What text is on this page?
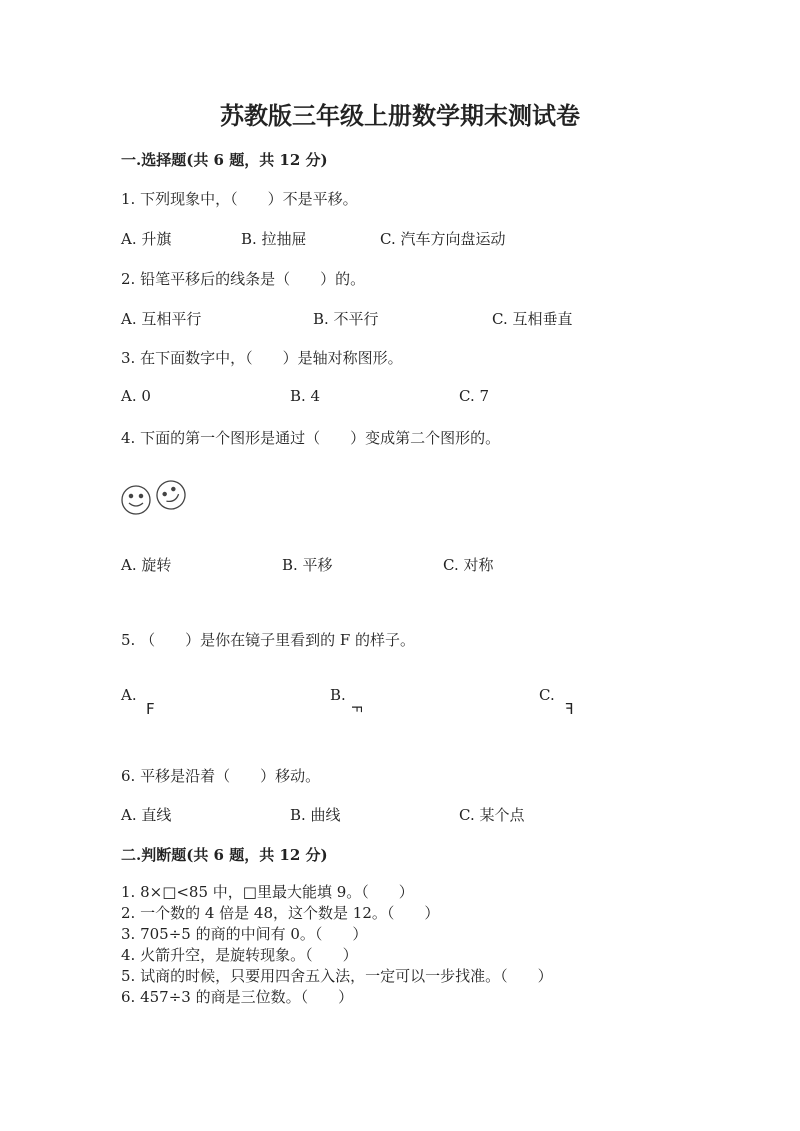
苏教版三年级上册数学期末测试卷
一.选择题(共 6 题，共 12 分)
1. 下列现象中，（　　）不是平移。
A. 升旗	B. 拉抽屉	C. 汽车方向盘运动
2. 铅笔平移后的线条是（　　）的。
A. 互相平行	B. 不平行	C. 互相垂直
3. 在下面数字中，（　　）是轴对称图形。
A. 0	B. 4	C. 7
4. 下面的第一个图形是通过（　　）变成第二个图形的。
A. 旋转	B. 平移	C. 对称
5. （　　）是你在镜子里看到的 F 的样子。
A.
F
B.
F
C.
F
6. 平移是沿着（　　）移动。
A. 直线	B. 曲线	C. 某个点
二.判断题(共 6 题，共 12 分)
1. 8×□<85 中，□里最大能填 9。（　　）
2. 一个数的 4 倍是 48，这个数是 12。（　　）
3. 705÷5 的商的中间有 0。（　　）
4. 火箭升空，是旋转现象。（　　）
5. 试商的时候，只要用四舍五入法，一定可以一步找准。（　　）
6. 457÷3 的商是三位数。（　　）
